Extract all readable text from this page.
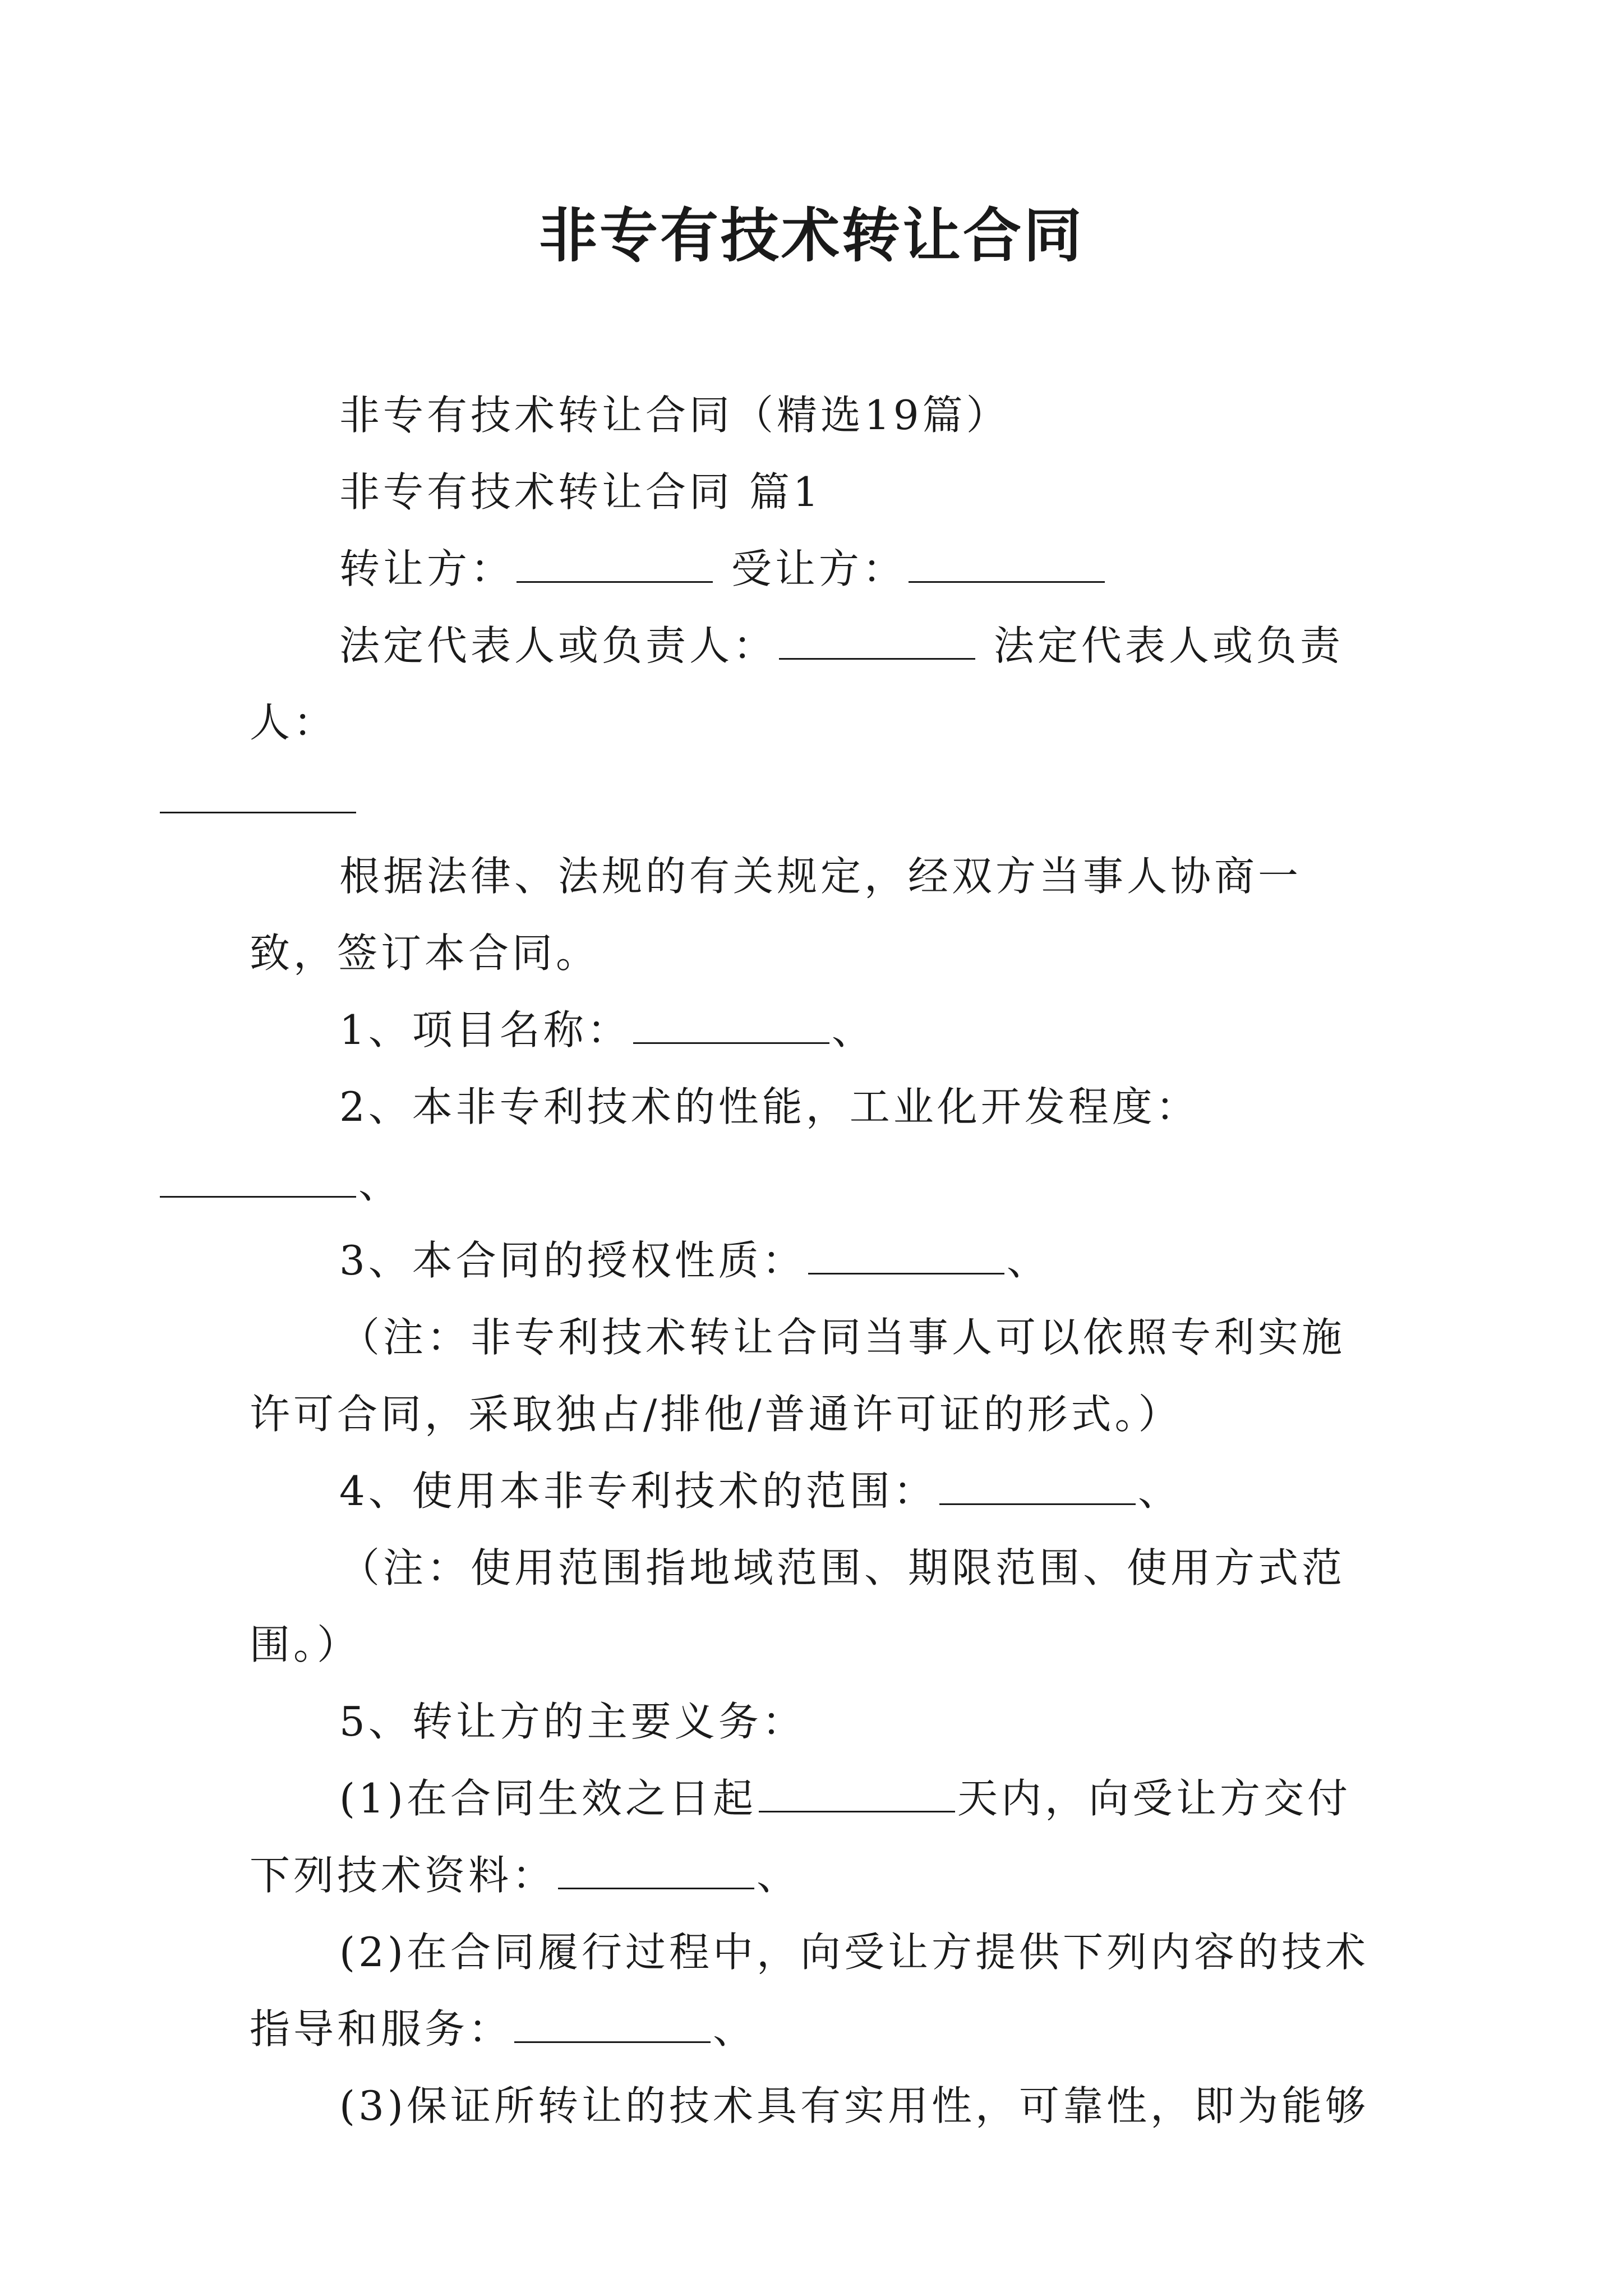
非专有技术转让合同

非专有技术转让合同（精选19篇）

非专有技术转让合同 篇1

转让方：	受让方：

法定代表人或负责人：	法定代表人或负责人：

根据法律、法规的有关规定，经双方当事人协商一致，签订本合同。

1、项目名称：	、

2、本非专利技术的性能，工业化开发程度：
、

3、本合同的授权性质：	、

（注：非专利技术转让合同当事人可以依照专利实施许可合同，采取独占/排他/普通许可证的形式。）

4、使用本非专利技术的范围：	、

（注：使用范围指地域范围、期限范围、使用方式范围。）

5、转让方的主要义务：

(1)在合同生效之日起	天内，向受让方交付下列技术资料：	、

(2)在合同履行过程中，向受让方提供下列内容的技术指导和服务：	、

(3)保证所转让的技术具有实用性，可靠性，即为能够
